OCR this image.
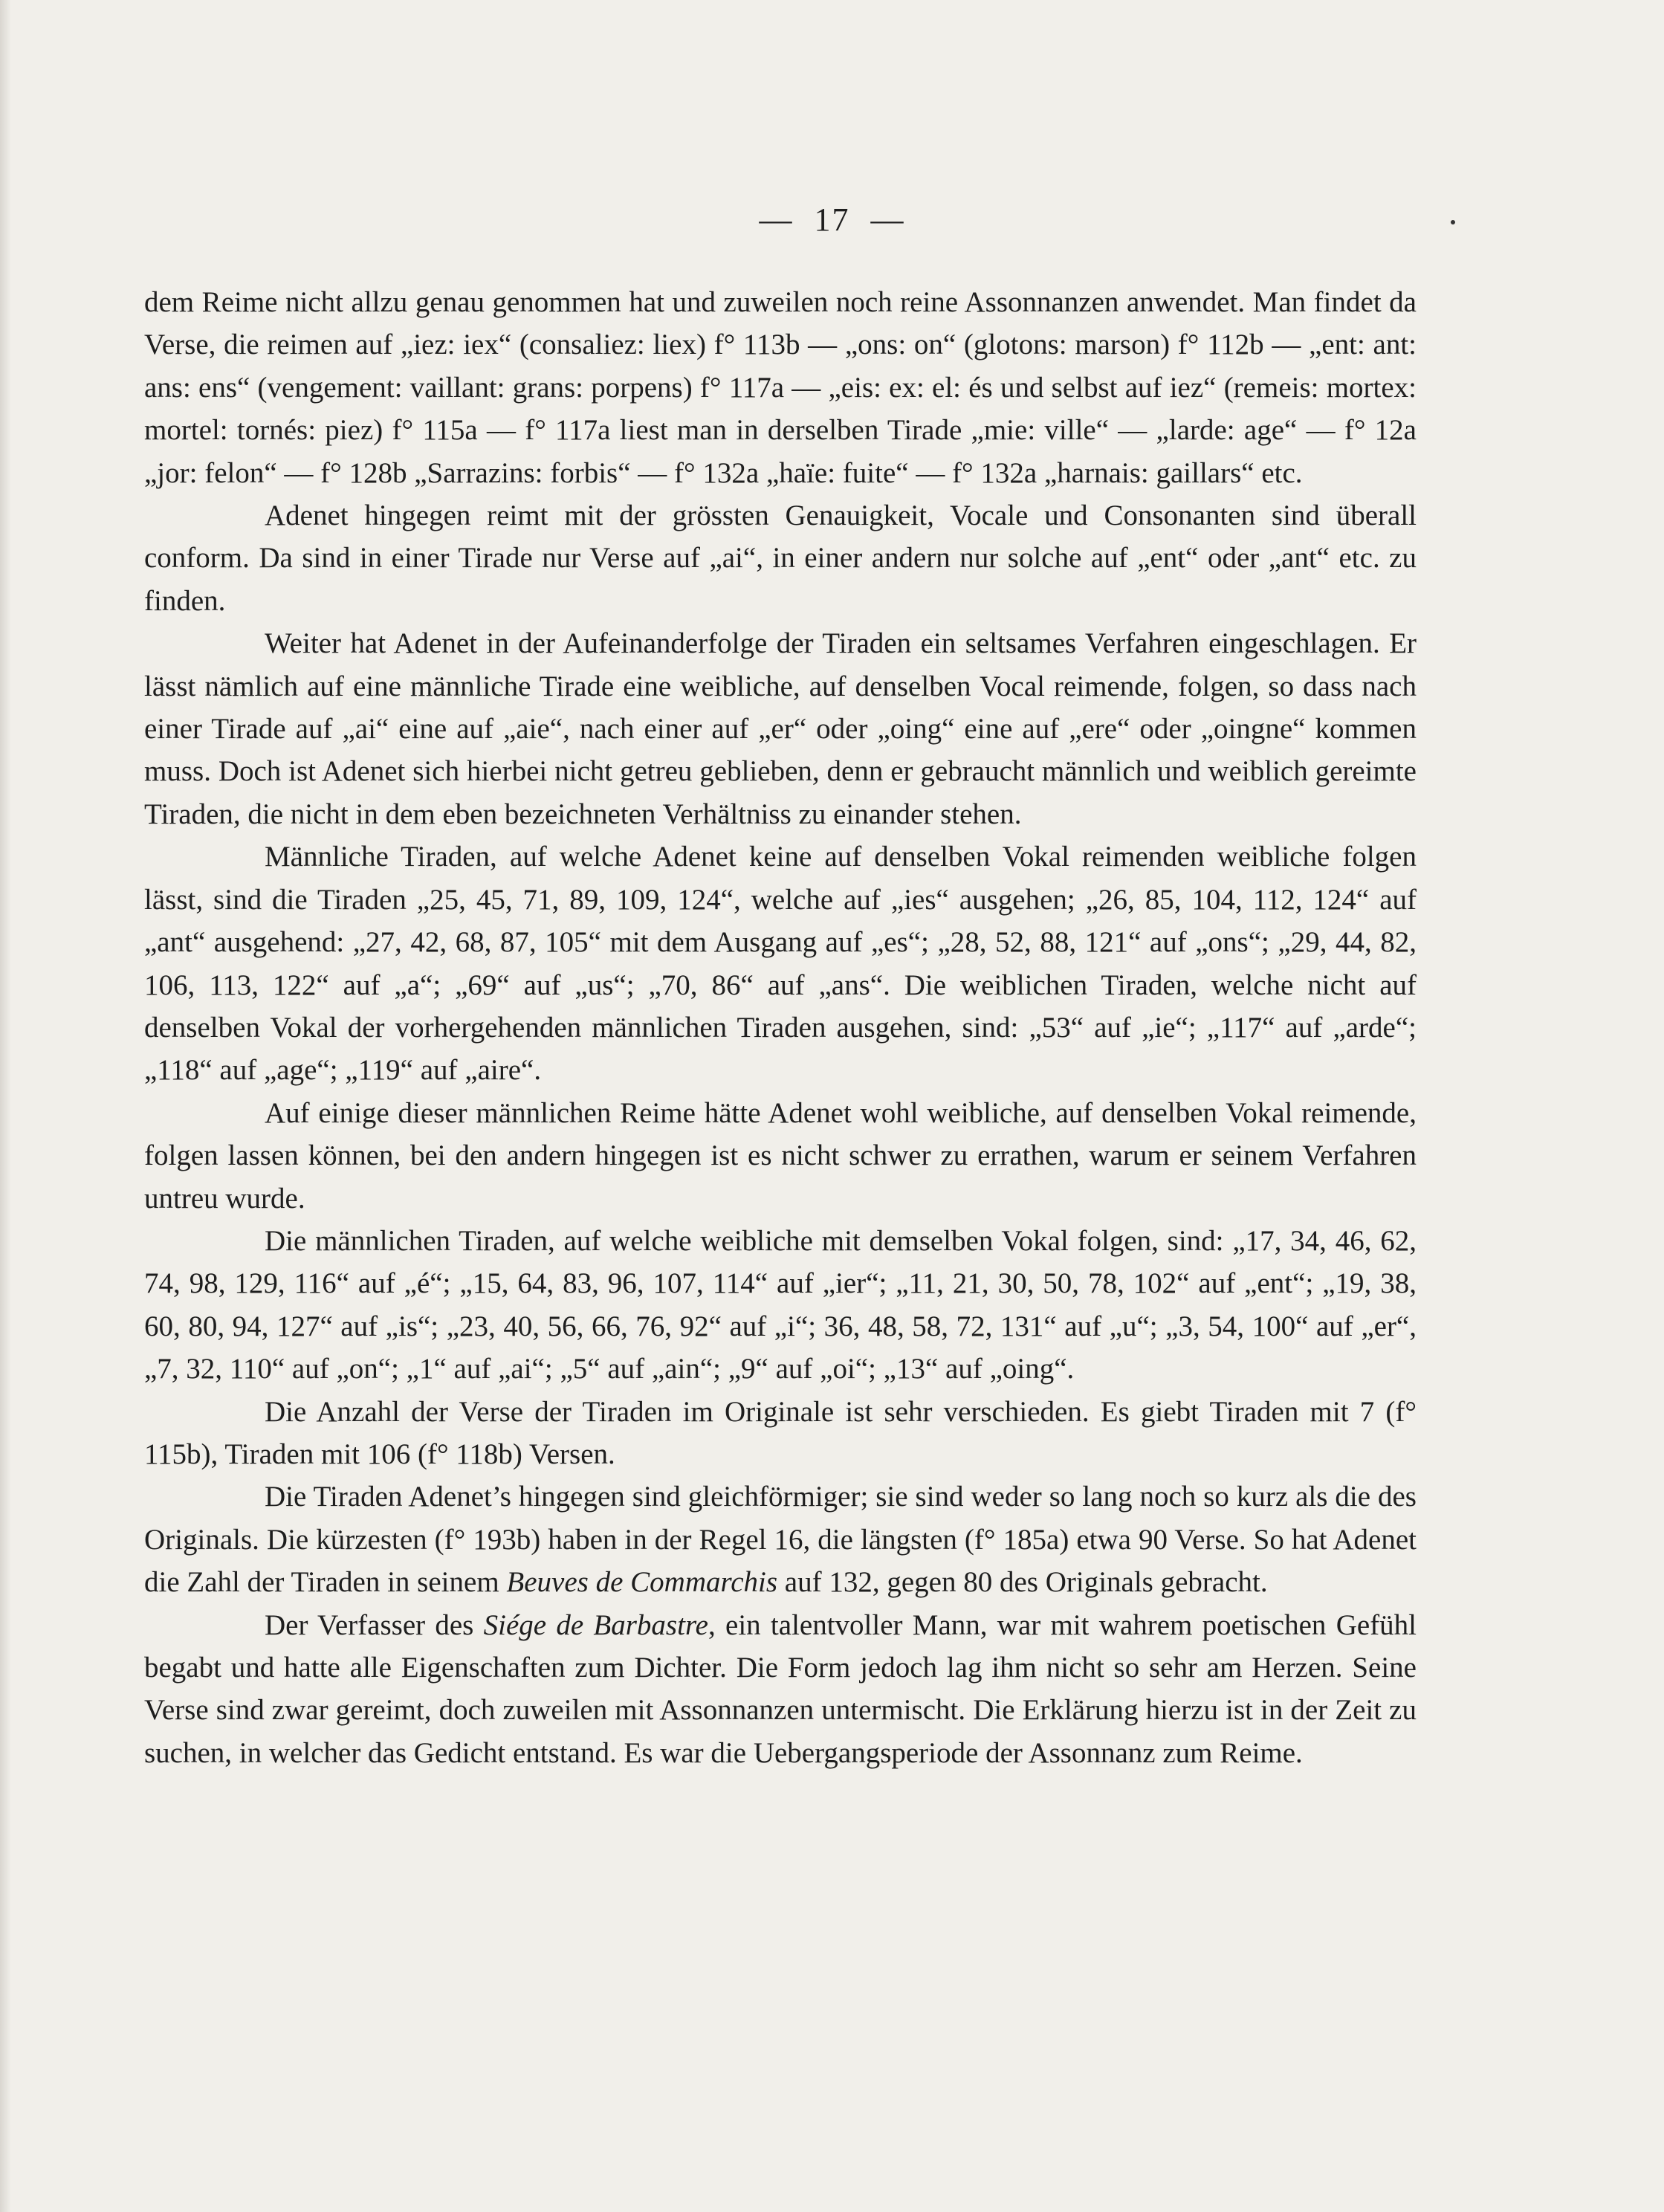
— 17 —

dem Reime nicht allzu genau genommen hat und zuweilen noch reine Assonnanzen anwendet. Man findet da Verse, die reimen auf „iez: iex“ (consaliez: liex) f° 113b — „ons: on“ (glotons: marson) f° 112b — „ent: ant: ans: ens“ (vengement: vaillant: grans: porpens) f° 117a — „eis: ex: el: és und selbst auf iez“ (remeis: mortex: mortel: tornés: piez) f° 115a — f° 117a liest man in derselben Tirade „mie: ville“ — „larde: age“ — f° 12a „jor: felon“ — f° 128b „Sarrazins: forbis“ — f° 132a „haïe: fuite“ — f° 132a „harnais: gaillars“ etc.

Adenet hingegen reimt mit der grössten Genauigkeit, Vocale und Consonanten sind überall conform. Da sind in einer Tirade nur Verse auf „ai“, in einer andern nur solche auf „ent“ oder „ant“ etc. zu finden.

Weiter hat Adenet in der Aufeinanderfolge der Tiraden ein seltsames Verfahren eingeschlagen. Er lässt nämlich auf eine männliche Tirade eine weibliche, auf denselben Vocal reimende, folgen, so dass nach einer Tirade auf „ai“ eine auf „aie“, nach einer auf „er“ oder „oing“ eine auf „ere“ oder „oingne“ kommen muss. Doch ist Adenet sich hierbei nicht getreu geblieben, denn er gebraucht männlich und weiblich gereimte Tiraden, die nicht in dem eben bezeichneten Verhältniss zu einander stehen.

Männliche Tiraden, auf welche Adenet keine auf denselben Vokal reimenden weibliche folgen lässt, sind die Tiraden „25, 45, 71, 89, 109, 124“, welche auf „ies“ ausgehen; „26, 85, 104, 112, 124“ auf „ant“ ausgehend: „27, 42, 68, 87, 105“ mit dem Ausgang auf „es“; „28, 52, 88, 121“ auf „ons“; „29, 44, 82, 106, 113, 122“ auf „a“; „69“ auf „us“; „70, 86“ auf „ans“. Die weiblichen Tiraden, welche nicht auf denselben Vokal der vorhergehenden männlichen Tiraden ausgehen, sind: „53“ auf „ie“; „117“ auf „arde“; „118“ auf „age“; „119“ auf „aire“.

Auf einige dieser männlichen Reime hätte Adenet wohl weibliche, auf denselben Vokal reimende, folgen lassen können, bei den andern hingegen ist es nicht schwer zu errathen, warum er seinem Verfahren untreu wurde.

Die männlichen Tiraden, auf welche weibliche mit demselben Vokal folgen, sind: „17, 34, 46, 62, 74, 98, 129, 116“ auf „é“; „15, 64, 83, 96, 107, 114“ auf „ier“; „11, 21, 30, 50, 78, 102“ auf „ent“; „19, 38, 60, 80, 94, 127“ auf „is“; „23, 40, 56, 66, 76, 92“ auf „i“; 36, 48, 58, 72, 131“ auf „u“; „3, 54, 100“ auf „er“, „7, 32, 110“ auf „on“; „1“ auf „ai“; „5“ auf „ain“; „9“ auf „oi“; „13“ auf „oing“.

Die Anzahl der Verse der Tiraden im Originale ist sehr verschieden. Es giebt Tiraden mit 7 (f° 115b), Tiraden mit 106 (f° 118b) Versen.

Die Tiraden Adenet’s hingegen sind gleichförmiger; sie sind weder so lang noch so kurz als die des Originals. Die kürzesten (f° 193b) haben in der Regel 16, die längsten (f° 185a) etwa 90 Verse. So hat Adenet die Zahl der Tiraden in seinem Beuves de Commarchis auf 132, gegen 80 des Originals gebracht.

Der Verfasser des Siége de Barbastre, ein talentvoller Mann, war mit wahrem poetischen Gefühl begabt und hatte alle Eigenschaften zum Dichter. Die Form jedoch lag ihm nicht so sehr am Herzen. Seine Verse sind zwar gereimt, doch zuweilen mit Assonnanzen untermischt. Die Erklärung hierzu ist in der Zeit zu suchen, in welcher das Gedicht entstand. Es war die Uebergangsperiode der Assonnanz zum Reime.
